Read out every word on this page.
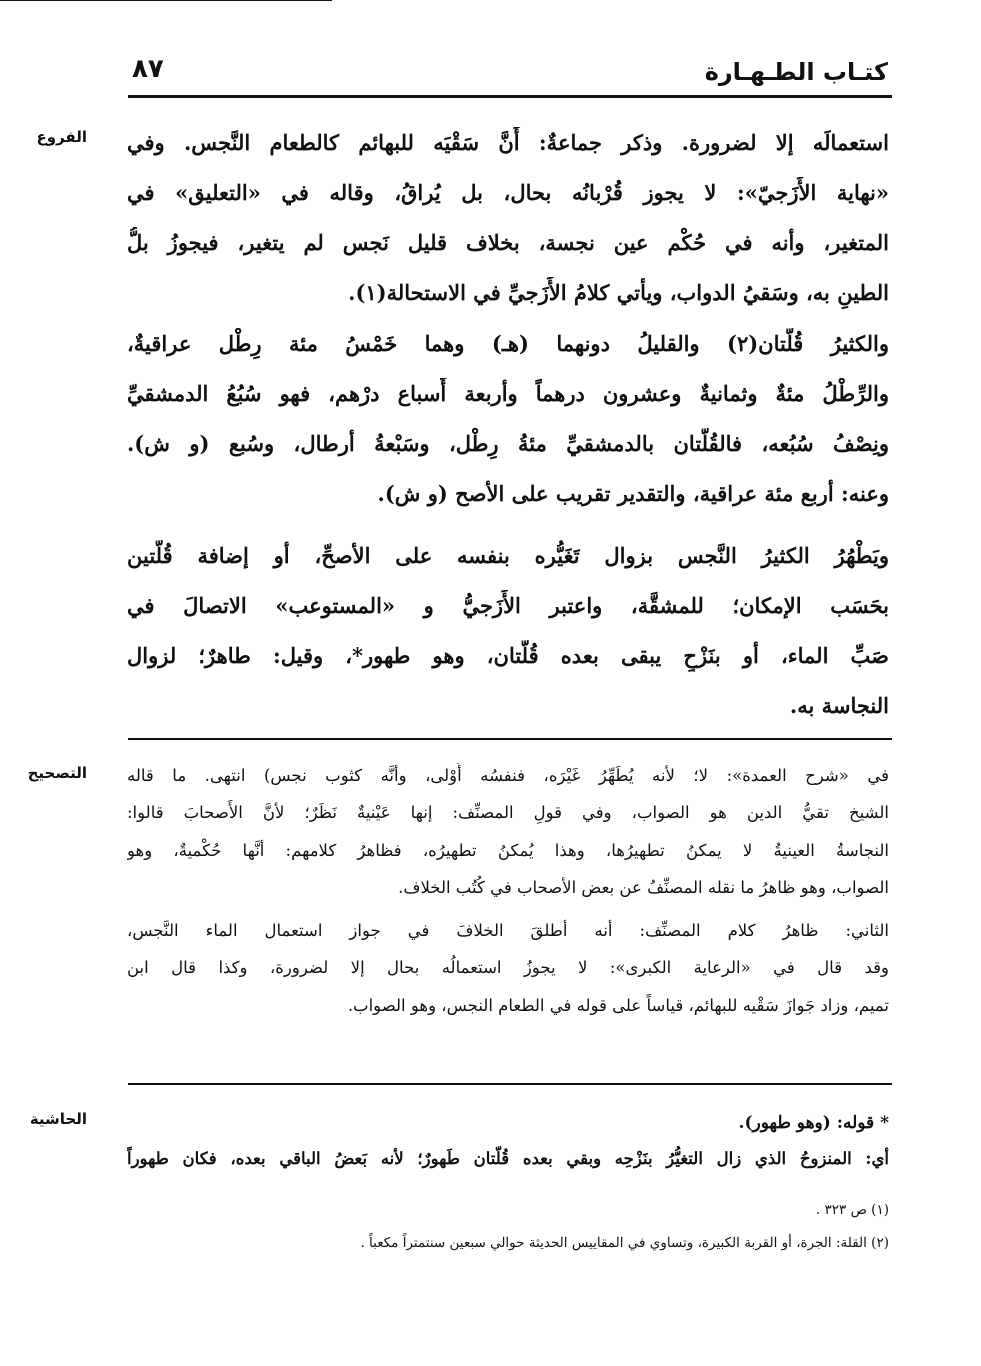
كتـاب الطـهـارة
٨٧
الفروع استعمالَه إلا لضرورة. وذكر جماعةٌ: أَنَّ سَقْيَه للبهائم كالطعام النَّجس. وفي
«نهاية الأَزَجيّ»: لا يجوز قُرْبانُه بحال، بل يُراقُ، وقاله في «التعليق» في
المتغير، وأنه في حُكْم عين نجسة، بخلاف قليل نَجس لم يتغير، فيجوزُ بلُّ
الطينِ به، وسَقيُ الدواب، ويأتي كلامُ الأَزَجيِّ في الاستحالة(١).
والكثيرُ قُلَّتان(٢) والقليلُ دونهما (هـ) وهما خَمْسُ مئة رِطْل عراقيةٌ،
والرِّطْلُ مئةٌ وثمانيةٌ وعشرون درهماً وأربعة أَسباع درْهم، فهو سُبُعُ الدمشقيِّ
ونِصْفُ سُبُعه، فالقُلَّتان بالدمشقيِّ مئةُ رِطْل، وسَبْعةُ أرطال، وسُبع (و ش).
وعنه: أربع مئة عراقية، والتقدير تقريب على الأصح (و ش).
ويَطْهُرُ الكثيرُ النَّجس بزوال تَغَيُّره بنفسه على الأصحِّ، أو إضافة قُلَّتين
بحَسَب الإمكان؛ للمشقَّة، واعتبر الأَزَجيُّ و «المستوعب» الاتصالَ في
صَبِّ الماء، أو بنَزْحٍ يبقى بعده قُلَّتان، وهو طهور*، وقيل: طاهرٌ؛ لزوال
النجاسة به.
التصحيح في «شرح العمدة»: لا؛ لأنه يُطَهِّرُ غَيْرَه، فنفسُه أَوْلى، وأنَّه كثوب نجس) انتهى. ما قاله
الشيخ تقيُّ الدين هو الصواب، وفي قولِ المصنِّف: إنها عَيْنيةٌ نَظَرٌ؛ لأنَّ الأَصحابَ قالوا:
النجاسةُ العينيةُ لا يمكنُ تطهيرُها، وهذا يُمكنُ تطهيرُه، فظاهرُ كلامهم: أنَّها حُكْميةٌ، وهو
الصواب، وهو ظاهرُ ما نقله المصنِّفُ عن بعض الأصحاب في كُتُب الخلاف.
الثاني: ظاهرُ كلام المصنِّف: أنه أطلقَ الخلافَ في جواز استعمال الماء النَّجس،
وقد قال في «الرعاية الكبرى»: لا يجوزُ استعمالُه بحال إلا لضرورة، وكذا قال ابن
تميم، وزاد جَوازَ سَقْيه للبهائم، قياساً على قوله في الطعام النجس، وهو الصواب.
الحاشية	* قوله: (وهو طهور).
أي: المنزوحُ الذي زال التغيُّرُ بنَزْحِه وبقي بعده قُلَّتان طَهورٌ؛ لأنه بَعضُ الباقي بعده، فكان طهوراً
(١) ص ٣٢٣ .
(٢) القلة: الجرة، أو القربة الكبيرة، وتساوي في المقاييس الحديثة حوالي سبعين سنتمتراً مكعباً .
